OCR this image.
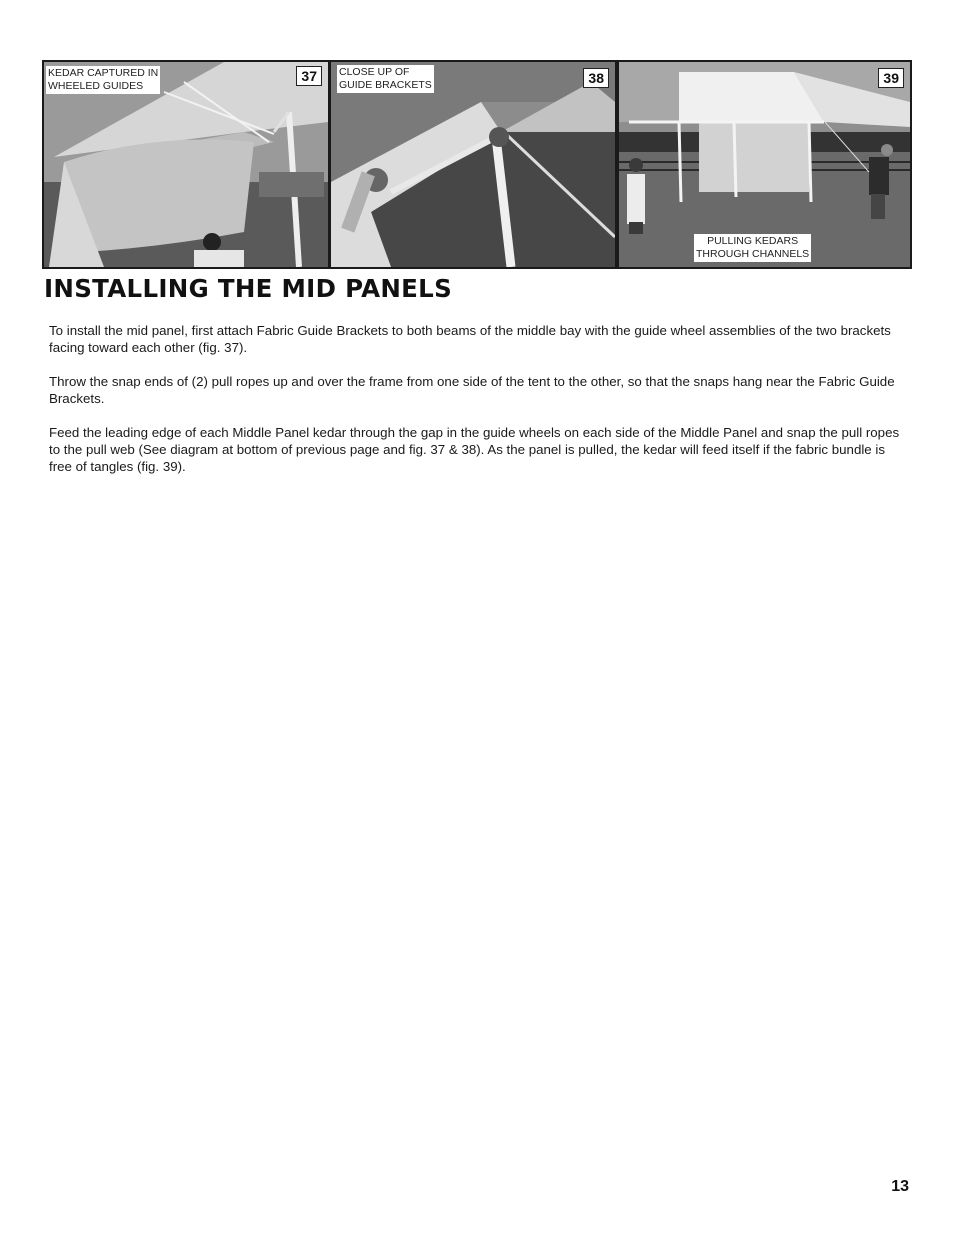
KEDAR CAPTURED IN
WHEELED GUIDES
37	CLOSE UP OF
GUIDE BRACKETS	38
PULLING KEDARS
THROUGH CHANNELS
39
INSTALLING THE MID PANELS

To install the mid panel, first attach Fabric Guide Brackets to both beams of the middle bay with the guide wheel assemblies of the two brackets facing toward each other (fig. 37).

Throw the snap ends of (2) pull ropes up and over the frame from one side of the tent to the other, so that the snaps hang near the Fabric Guide Brackets.

Feed the leading edge of each Middle Panel kedar through the gap in the guide wheels on each side of the Middle Panel and snap the pull ropes to the pull web (See diagram at bottom of previous page and fig. 37 & 38). As the panel is pulled, the kedar will feed itself if the fabric bundle is free of tangles (fig. 39).

13
